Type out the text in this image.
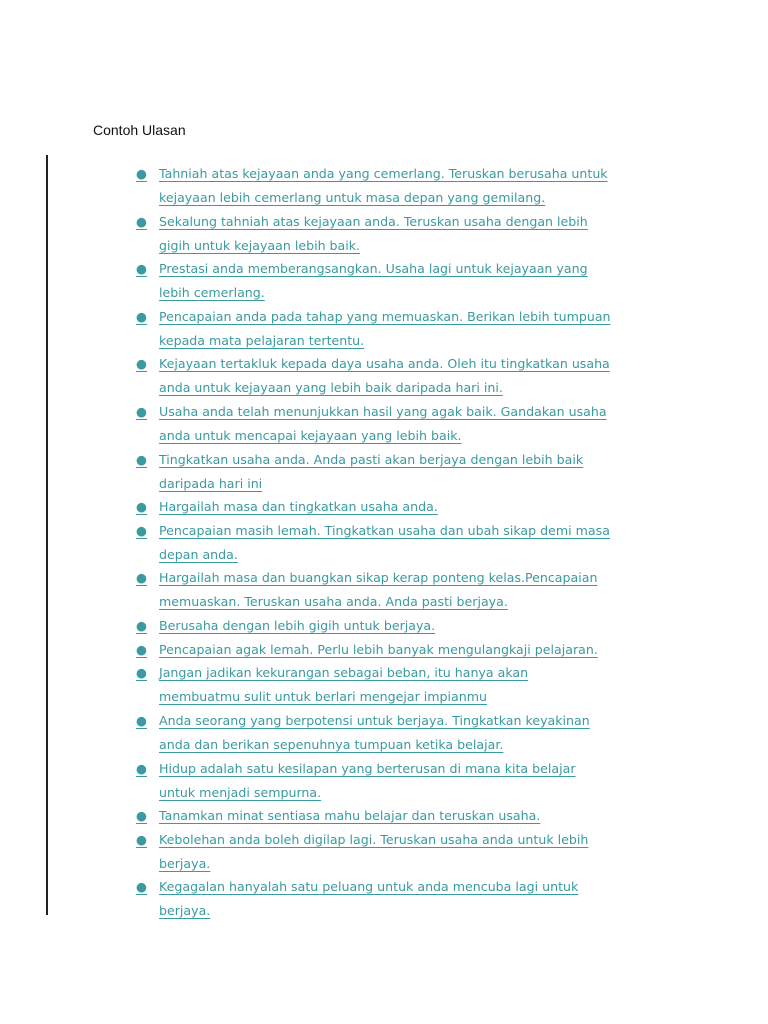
Contoh Ulasan
● Tahniah atas kejayaan anda yang cemerlang. Teruskan berusaha untuk
kejayaan lebih cemerlang untuk masa depan yang gemilang.
● Sekalung tahniah atas kejayaan anda. Teruskan usaha dengan lebih
gigih untuk kejayaan lebih baik.
● Prestasi anda memberangsangkan. Usaha lagi untuk kejayaan yang
lebih cemerlang.
● Pencapaian anda pada tahap yang memuaskan. Berikan lebih tumpuan
kepada mata pelajaran tertentu.
● Kejayaan tertakluk kepada daya usaha anda. Oleh itu tingkatkan usaha
anda untuk kejayaan yang lebih baik daripada hari ini.
● Usaha anda telah menunjukkan hasil yang agak baik. Gandakan usaha
anda untuk mencapai kejayaan yang lebih baik.
● Tingkatkan usaha anda. Anda pasti akan berjaya dengan lebih baik
daripada hari ini
● Hargailah masa dan tingkatkan usaha anda.
● Pencapaian masih lemah. Tingkatkan usaha dan ubah sikap demi masa
depan anda.
● Hargailah masa dan buangkan sikap kerap ponteng kelas.Pencapaian
memuaskan. Teruskan usaha anda. Anda pasti berjaya.
● Berusaha dengan lebih gigih untuk berjaya.
● Pencapaian agak lemah. Perlu lebih banyak mengulangkaji pelajaran.
● Jangan jadikan kekurangan sebagai beban, itu hanya akan
membuatmu sulit untuk berlari mengejar impianmu
● Anda seorang yang berpotensi untuk berjaya. Tingkatkan keyakinan
anda dan berikan sepenuhnya tumpuan ketika belajar.
● Hidup adalah satu kesilapan yang berterusan di mana kita belajar
untuk menjadi sempurna.
● Tanamkan minat sentiasa mahu belajar dan teruskan usaha.
● Kebolehan anda boleh digilap lagi. Teruskan usaha anda untuk lebih
berjaya.
● Kegagalan hanyalah satu peluang untuk anda mencuba lagi untuk
berjaya.
